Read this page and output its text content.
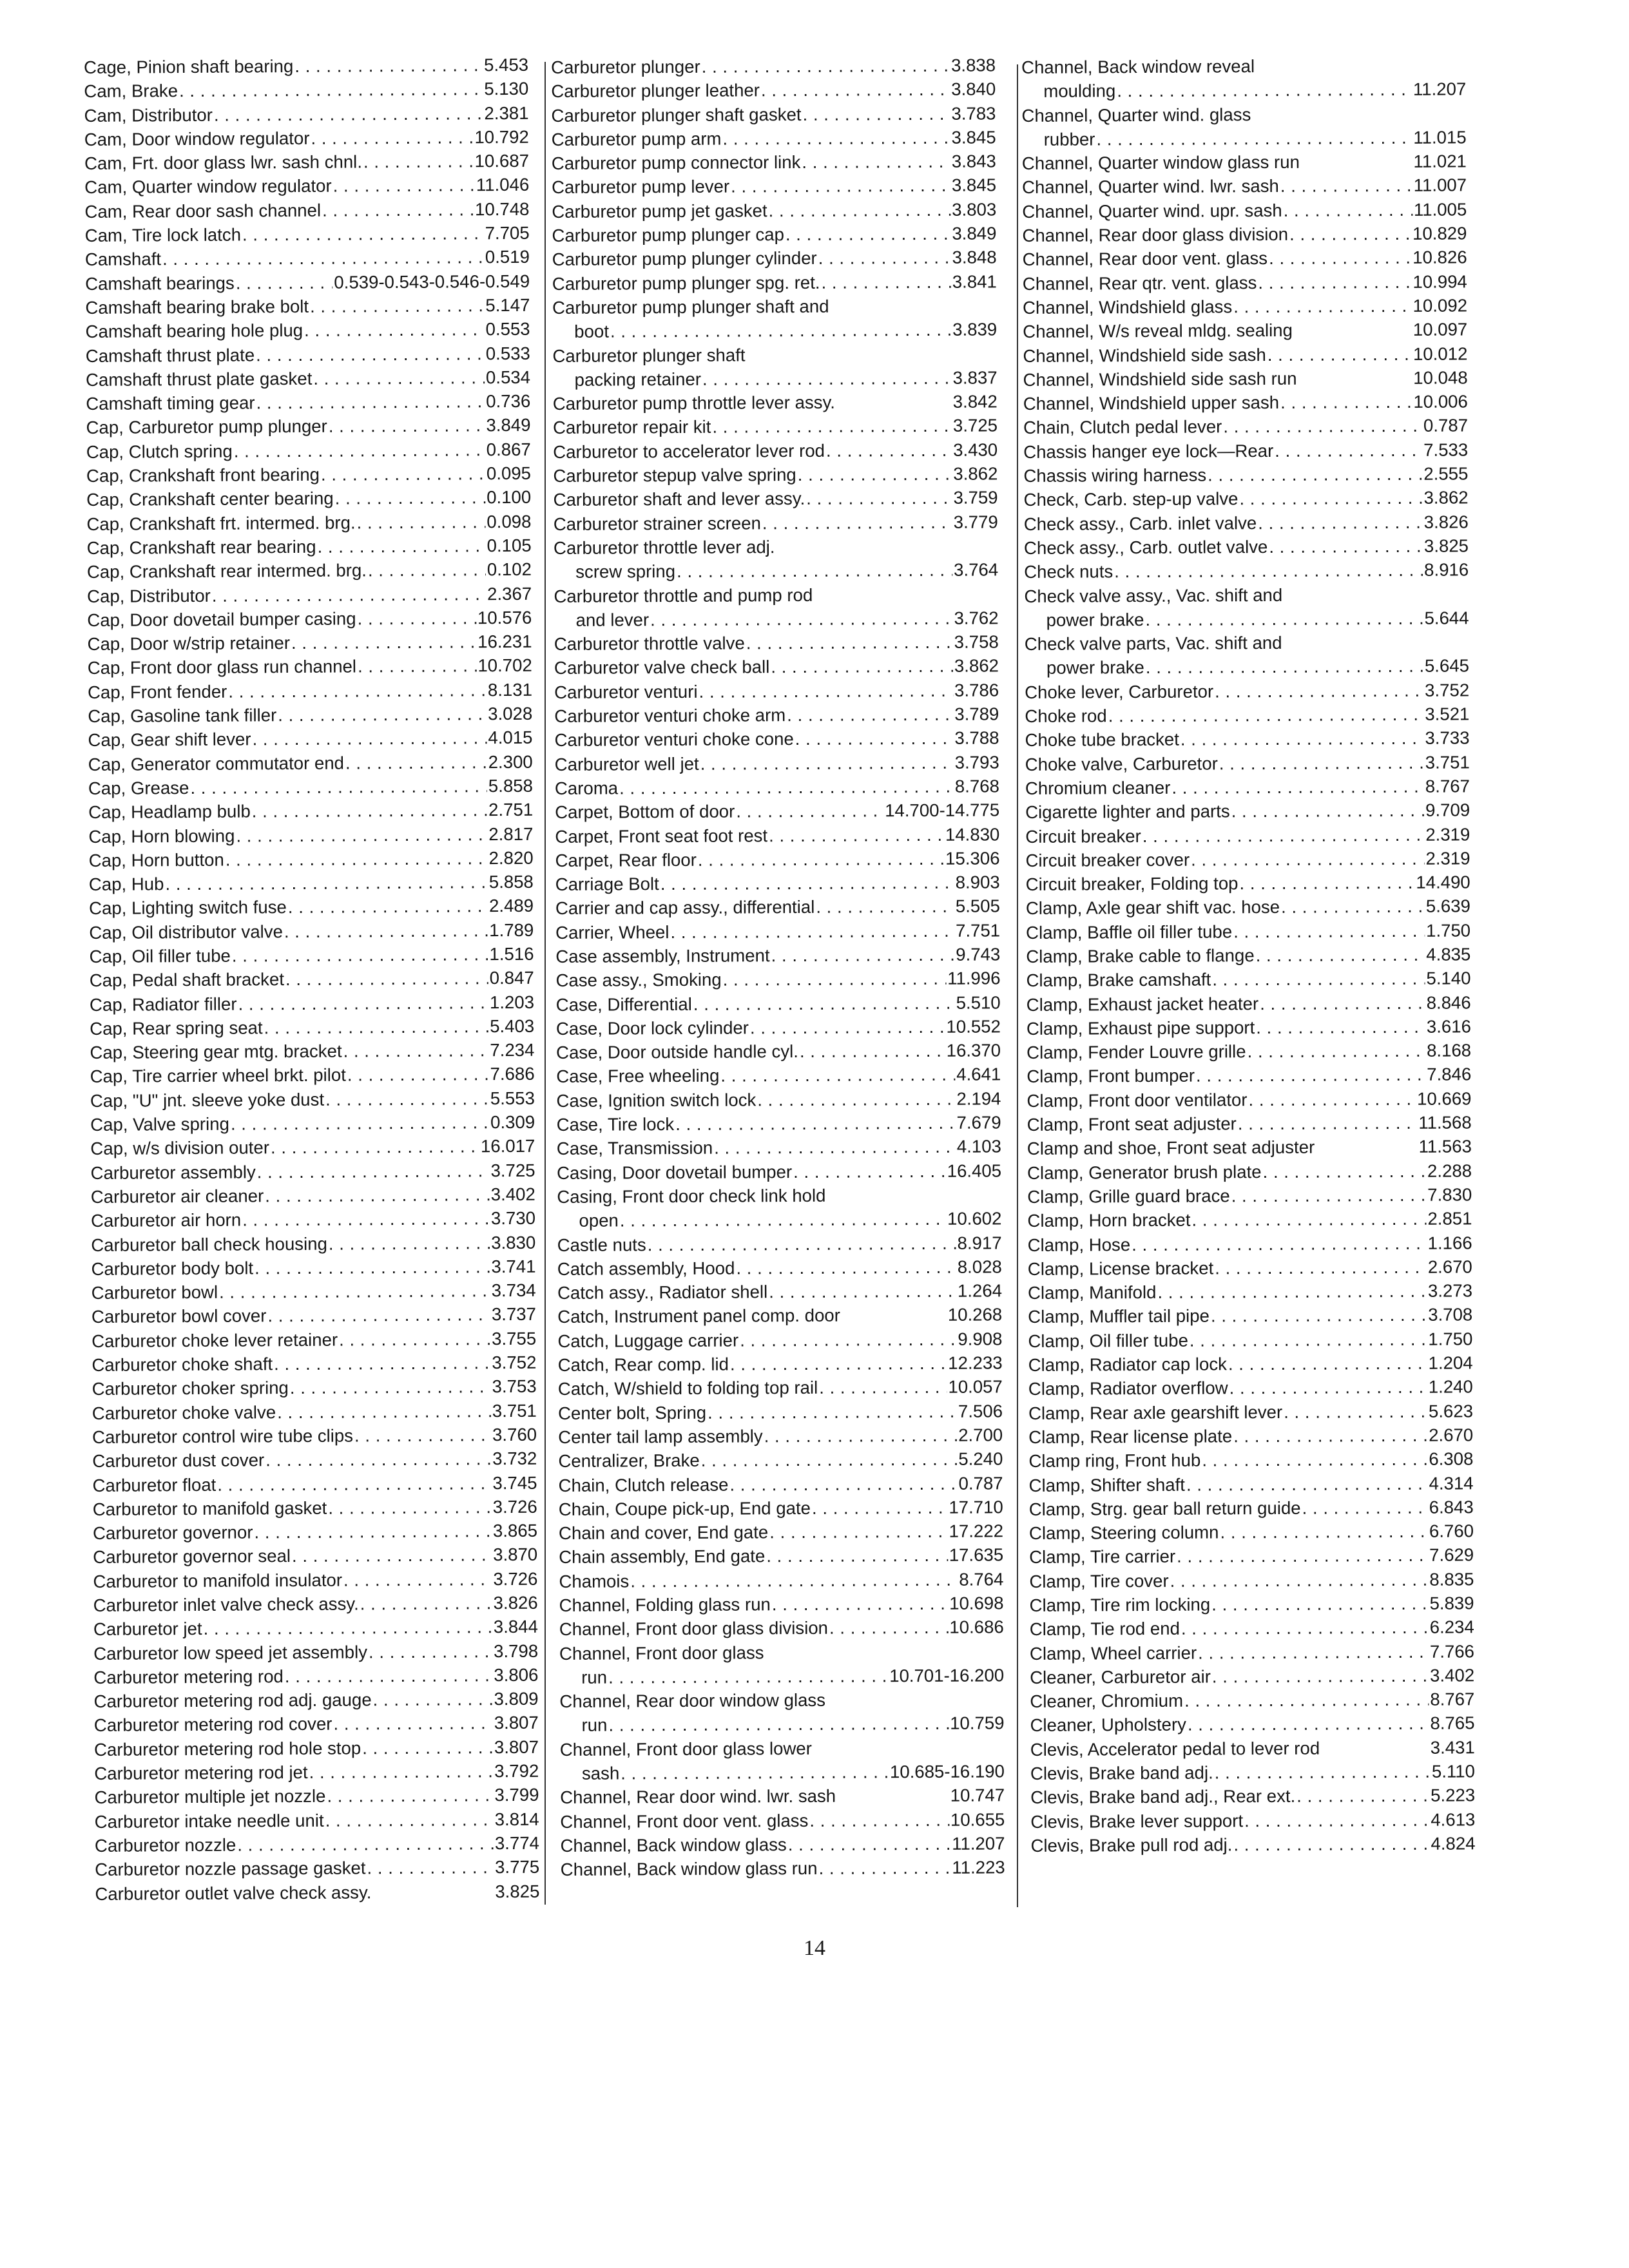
Cage, Pinion shaft bearing . . .	5.453
Cam, Brake . . .	5.130
Cam, Distributor . . .	2.381
Cam, Door window regulator . . .	10.792
Cam, Frt. door glass lwr. sash chnl. . . .	10.687
Cam, Quarter window regulator . . .	11.046
Cam, Rear door sash channel . . .	10.748
Cam, Tire lock latch . . .	7.705
Camshaft . . .	0.519
Camshaft bearings . . .	0.539-0.543-0.546-0.549
Camshaft bearing brake bolt . . .	5.147
Camshaft bearing hole plug . . .	0.553
Camshaft thrust plate . . .	0.533
Camshaft thrust plate gasket . . .	0.534
Camshaft timing gear . . .	0.736
Cap, Carburetor pump plunger . . .	3.849
Cap, Clutch spring . . .	0.867
Cap, Crankshaft front bearing . . .	0.095
Cap, Crankshaft center bearing . . .	0.100
Cap, Crankshaft frt. intermed. brg. . . .	0.098
Cap, Crankshaft rear bearing . . .	0.105
Cap, Crankshaft rear intermed. brg. . . .	0.102
Cap, Distributor . . .	2.367
Cap, Door dovetail bumper casing . . .	10.576
Cap, Door w/strip retainer . . .	16.231
Cap, Front door glass run channel . . .	10.702
Cap, Front fender . . .	8.131
Cap, Gasoline tank filler . . .	3.028
Cap, Gear shift lever . . .	4.015
Cap, Generator commutator end . . .	2.300
Cap, Grease . . .	5.858
Cap, Headlamp bulb . . .	2.751
Cap, Horn blowing . . .	2.817
Cap, Horn button . . .	2.820
Cap, Hub . . .	5.858
Cap, Lighting switch fuse . . .	2.489
Cap, Oil distributor valve . . .	1.789
Cap, Oil filler tube . . .	1.516
Cap, Pedal shaft bracket . . .	0.847
Cap, Radiator filler . . .	1.203
Cap, Rear spring seat . . .	5.403
Cap, Steering gear mtg. bracket . . .	7.234
Cap, Tire carrier wheel brkt. pilot . . .	7.686
Cap, "U" jnt. sleeve yoke dust . . .	5.553
Cap, Valve spring . . .	0.309
Cap, w/s division outer . . .	16.017
Carburetor assembly . . .	3.725
Carburetor air cleaner . . .	3.402
Carburetor air horn . . .	3.730
Carburetor ball check housing . . .	3.830
Carburetor body bolt . . .	3.741
Carburetor bowl . . .	3.734
Carburetor bowl cover . . .	3.737
Carburetor choke lever retainer . . .	3.755
Carburetor choke shaft . . .	3.752
Carburetor choker spring . . .	3.753
Carburetor choke valve . . .	3.751
Carburetor control wire tube clips . . .	3.760
Carburetor dust cover . . .	3.732
Carburetor float . . .	3.745
Carburetor to manifold gasket . . .	3.726
Carburetor governor . . .	3.865
Carburetor governor seal . . .	3.870
Carburetor to manifold insulator . . .	3.726
Carburetor inlet valve check assy. . . .	3.826
Carburetor jet . . .	3.844
Carburetor low speed jet assembly . . .	3.798
Carburetor metering rod . . .	3.806
Carburetor metering rod adj. gauge . . .	3.809
Carburetor metering rod cover . . .	3.807
Carburetor metering rod hole stop . . .	3.807
Carburetor metering rod jet . . .	3.792
Carburetor multiple jet nozzle . . .	3.799
Carburetor intake needle unit . . .	3.814
Carburetor nozzle . . .	3.774
Carburetor nozzle passage gasket . . .	3.775
Carburetor outlet valve check assy.	3.825
Carburetor plunger . . .	3.838
Carburetor plunger leather . . .	3.840
Carburetor plunger shaft gasket . . .	3.783
Carburetor pump arm . . .	3.845
Carburetor pump connector link . . .	3.843
Carburetor pump lever . . .	3.845
Carburetor pump jet gasket . . .	3.803
Carburetor pump plunger cap . . .	3.849
Carburetor pump plunger cylinder . . .	3.848
Carburetor pump plunger spg. ret. . . .	3.841
Carburetor pump plunger shaft and
boot . . .	3.839
Carburetor plunger shaft
packing retainer . . .	3.837
Carburetor pump throttle lever assy.	3.842
Carburetor repair kit . . .	3.725
Carburetor to accelerator lever rod . . .	3.430
Carburetor stepup valve spring . . .	3.862
Carburetor shaft and lever assy. . . .	3.759
Carburetor strainer screen . . .	3.779
Carburetor throttle lever adj.
screw spring . . .	3.764
Carburetor throttle and pump rod
and lever . . .	3.762
Carburetor throttle valve . . .	3.758
Carburetor valve check ball . . .	3.862
Carburetor venturi . . .	3.786
Carburetor venturi choke arm . . .	3.789
Carburetor venturi choke cone . . .	3.788
Carburetor well jet . . .	3.793
Caroma . . .	8.768
Carpet, Bottom of door . . .	14.700-14.775
Carpet, Front seat foot rest . . .	14.830
Carpet, Rear floor . . .	15.306
Carriage Bolt . . .	8.903
Carrier and cap assy., differential . . .	5.505
Carrier, Wheel . . .	7.751
Case assembly, Instrument . . .	9.743
Case assy., Smoking . . .	11.996
Case, Differential . . .	5.510
Case, Door lock cylinder . . .	10.552
Case, Door outside handle cyl. . . .	16.370
Case, Free wheeling . . .	4.641
Case, Ignition switch lock . . .	2.194
Case, Tire lock . . .	7.679
Case, Transmission . . .	4.103
Casing, Door dovetail bumper . . .	16.405
Casing, Front door check link hold
open . . .	10.602
Castle nuts . . .	8.917
Catch assembly, Hood . . .	8.028
Catch assy., Radiator shell . . .	1.264
Catch, Instrument panel comp. door	10.268
Catch, Luggage carrier . . .	9.908
Catch, Rear comp. lid . . .	12.233
Catch, W/shield to folding top rail . . .	10.057
Center bolt, Spring . . .	7.506
Center tail lamp assembly . . .	2.700
Centralizer, Brake . . .	5.240
Chain, Clutch release . . .	0.787
Chain, Coupe pick-up, End gate . . .	17.710
Chain and cover, End gate . . .	17.222
Chain assembly, End gate . . .	17.635
Chamois . . .	8.764
Channel, Folding glass run . . .	10.698
Channel, Front door glass division . . .	10.686
Channel, Front door glass
run . . .	10.701-16.200
Channel, Rear door window glass
run . . .	10.759
Channel, Front door glass lower
sash . . .	10.685-16.190
Channel, Rear door wind. lwr. sash	10.747
Channel, Front door vent. glass . . .	10.655
Channel, Back window glass . . .	11.207
Channel, Back window glass run . . .	11.223
Channel, Back window reveal
moulding . . .	11.207
Channel, Quarter wind. glass
rubber . . .	11.015
Channel, Quarter window glass run	11.021
Channel, Quarter wind. lwr. sash . . .	11.007
Channel, Quarter wind. upr. sash . . .	11.005
Channel, Rear door glass division . . .	10.829
Channel, Rear door vent. glass . . .	10.826
Channel, Rear qtr. vent. glass . . .	10.994
Channel, Windshield glass . . .	10.092
Channel, W/s reveal mldg. sealing	10.097
Channel, Windshield side sash . . .	10.012
Channel, Windshield side sash run	10.048
Channel, Windshield upper sash . . .	10.006
Chain, Clutch pedal lever . . .	0.787
Chassis hanger eye lock—Rear . . .	7.533
Chassis wiring harness . . .	2.555
Check, Carb. step-up valve . . .	3.862
Check assy., Carb. inlet valve . . .	3.826
Check assy., Carb. outlet valve . . .	3.825
Check nuts . . .	8.916
Check valve assy., Vac. shift and
power brake . . .	5.644
Check valve parts, Vac. shift and
power brake . . .	5.645
Choke lever, Carburetor . . .	3.752
Choke rod . . .	3.521
Choke tube bracket . . .	3.733
Choke valve, Carburetor . . .	3.751
Chromium cleaner . . .	8.767
Cigarette lighter and parts . . .	9.709
Circuit breaker . . .	2.319
Circuit breaker cover . . .	2.319
Circuit breaker, Folding top . . .	14.490
Clamp, Axle gear shift vac. hose . . .	5.639
Clamp, Baffle oil filler tube . . .	1.750
Clamp, Brake cable to flange . . .	4.835
Clamp, Brake camshaft . . .	5.140
Clamp, Exhaust jacket heater . . .	8.846
Clamp, Exhaust pipe support . . .	3.616
Clamp, Fender Louvre grille . . .	8.168
Clamp, Front bumper . . .	7.846
Clamp, Front door ventilator . . .	10.669
Clamp, Front seat adjuster . . .	11.568
Clamp and shoe, Front seat adjuster	11.563
Clamp, Generator brush plate . . .	2.288
Clamp, Grille guard brace . . .	7.830
Clamp, Horn bracket . . .	2.851
Clamp, Hose . . .	1.166
Clamp, License bracket . . .	2.670
Clamp, Manifold . . .	3.273
Clamp, Muffler tail pipe . . .	3.708
Clamp, Oil filler tube . . .	1.750
Clamp, Radiator cap lock . . .	1.204
Clamp, Radiator overflow . . .	1.240
Clamp, Rear axle gearshift lever . . .	5.623
Clamp, Rear license plate . . .	2.670
Clamp ring, Front hub . . .	6.308
Clamp, Shifter shaft . . .	4.314
Clamp, Strg. gear ball return guide . . .	6.843
Clamp, Steering column . . .	6.760
Clamp, Tire carrier . . .	7.629
Clamp, Tire cover . . .	8.835
Clamp, Tire rim locking . . .	5.839
Clamp, Tie rod end . . .	6.234
Clamp, Wheel carrier . . .	7.766
Cleaner, Carburetor air . . .	3.402
Cleaner, Chromium . . .	8.767
Cleaner, Upholstery . . .	8.765
Clevis, Accelerator pedal to lever rod	3.431
Clevis, Brake band adj. . . .	5.110
Clevis, Brake band adj., Rear ext. . . .	5.223
Clevis, Brake lever support . . .	4.613
Clevis, Brake pull rod adj. . . .	4.824
14
